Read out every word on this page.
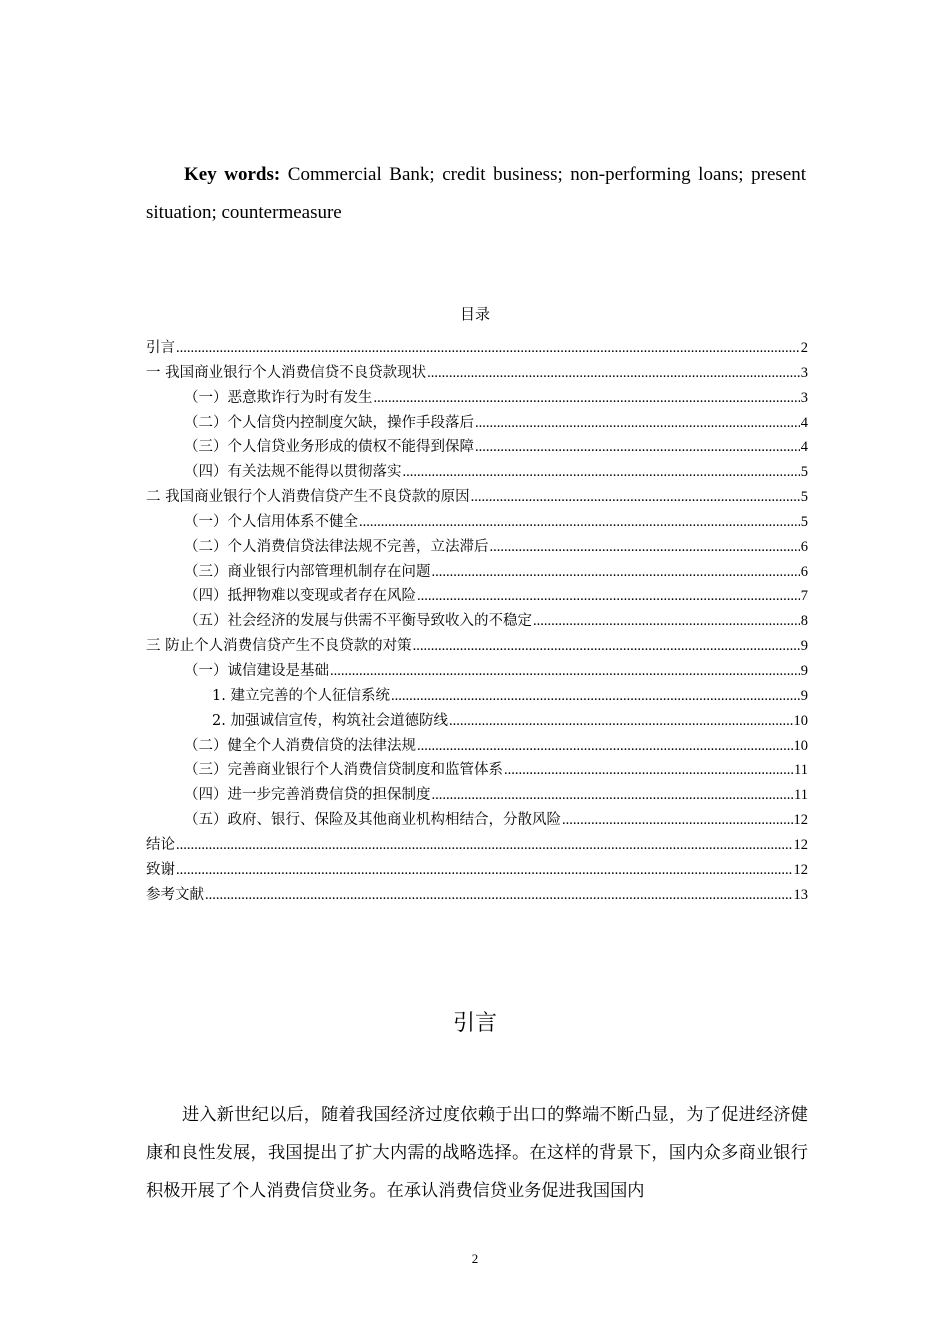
Key words: Commercial Bank; credit business; non-performing loans; present situation; countermeasure
目录
引言 .....	2
一 我国商业银行个人消费信贷不良贷款现状 .....	3
（一）恶意欺诈行为时有发生 .....	3
（二）个人信贷内控制度欠缺，操作手段落后 .....	4
（三）个人信贷业务形成的债权不能得到保障 .....	4
（四）有关法规不能得以贯彻落实 .....	5
二 我国商业银行个人消费信贷产生不良贷款的原因 .....	5
（一）个人信用体系不健全 .....	5
（二）个人消费信贷法律法规不完善，立法滞后 .....	6
（三）商业银行内部管理机制存在问题 .....	6
（四）抵押物难以变现或者存在风险 .....	7
（五）社会经济的发展与供需不平衡导致收入的不稳定 .....	8
三 防止个人消费信贷产生不良贷款的对策 .....	9
（一）诚信建设是基础 .....	9
1. 建立完善的个人征信系统 .....	9
2. 加强诚信宣传，构筑社会道德防线 .....	10
（二）健全个人消费信贷的法律法规 .....	10
（三）完善商业银行个人消费信贷制度和监管体系 .....	11
（四）进一步完善消费信贷的担保制度 .....	11
（五）政府、银行、保险及其他商业机构相结合，分散风险 .....	12
结论 .....	12
致谢 .....	12
参考文献 .....	13
引言
进入新世纪以后，随着我国经济过度依赖于出口的弊端不断凸显，为了促进经济健康和良性发展，我国提出了扩大内需的战略选择。在这样的背景下，国内众多商业银行积极开展了个人消费信贷业务。在承认消费信贷业务促进我国国内
2
